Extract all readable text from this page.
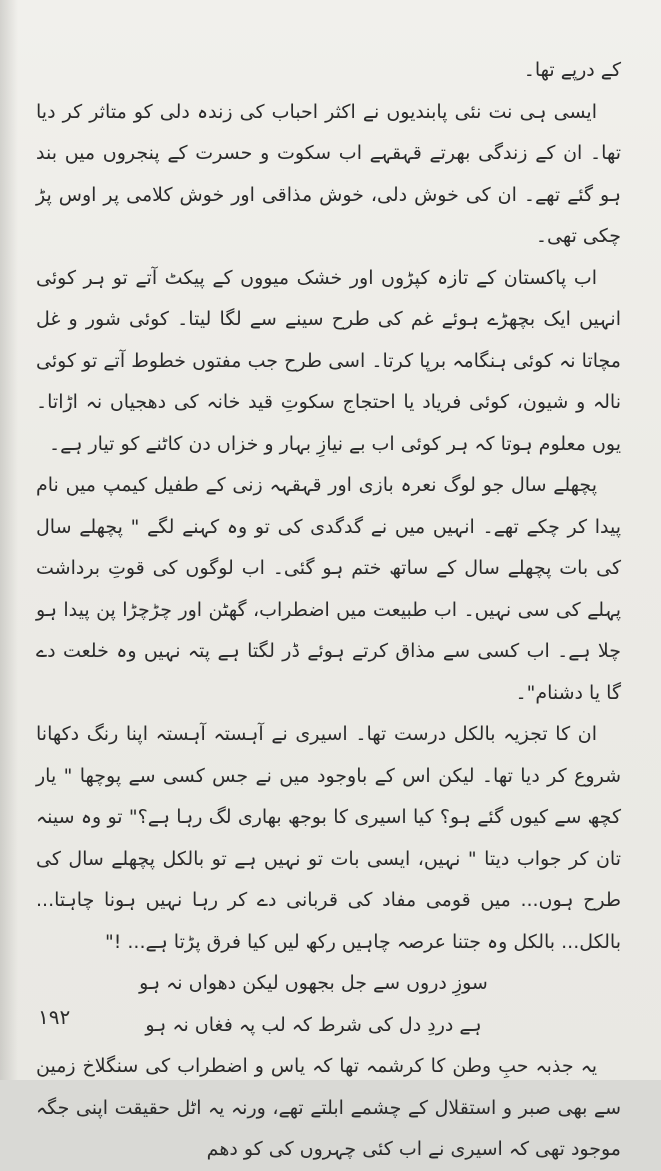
کے درپے تھا۔

ایسی ہی نت نئی پابندیوں نے اکثر احباب کی زندہ دلی کو متاثر کر دیا تھا۔ ان کے زندگی بھرتے قہقہے اب سکوت و حسرت کے پنجروں میں بند ہو گئے تھے۔ ان کی خوش دلی، خوش مذاقی اور خوش کلامی پر اوس پڑ چکی تھی۔

اب پاکستان کے تازہ کپڑوں اور خشک میووں کے پیکٹ آتے تو ہر کوئی انہیں ایک بچھڑے ہوئے غم کی طرح سینے سے لگا لیتا۔ کوئی شور و غل مچاتا نہ کوئی ہنگامہ برپا کرتا۔ اسی طرح جب مفتوں خطوط آتے تو کوئی نالہ و شیون، کوئی فریاد یا احتجاج سکوتِ قید خانہ کی دھجیاں نہ اڑاتا۔ یوں معلوم ہوتا کہ ہر کوئی اب بے نیازِ بہار و خزاں دن کاٹنے کو تیار ہے۔

پچھلے سال جو لوگ نعرہ بازی اور قہقہہ زنی کے طفیل کیمپ میں نام پیدا کر چکے تھے۔ انہیں میں نے گدگدی کی تو وہ کہنے لگے " پچھلے سال کی بات پچھلے سال کے ساتھ ختم ہو گئی۔ اب لوگوں کی قوتِ برداشت پہلے کی سی نہیں۔ اب طبیعت میں اضطراب، گھٹن اور چڑچڑا پن پیدا ہو چلا ہے۔ اب کسی سے مذاق کرتے ہوئے ڈر لگتا ہے پتہ نہیں وہ خلعت دے گا یا دشنام"۔

ان کا تجزیہ بالکل درست تھا۔ اسیری نے آہستہ آہستہ اپنا رنگ دکھانا شروع کر دیا تھا۔ لیکن اس کے باوجود میں نے جس کسی سے پوچھا " یار کچھ سے کیوں گئے ہو؟ کیا اسیری کا بوجھ بھاری لگ رہا ہے؟" تو وہ سینہ تان کر جواب دیتا " نہیں، ایسی بات تو نہیں ہے تو بالکل پچھلے سال کی طرح ہوں... میں قومی مفاد کی قربانی دے کر رہا نہیں ہونا چاہتا... بالکل... بالکل وہ جتنا عرصہ چاہیں رکھ لیں کیا فرق پڑتا ہے... !"

سوزِ دروں سے جل بجھوں لیکن دھواں نہ ہو

ہے دردِ دل کی شرط کہ لب پہ فغاں نہ ہو

یہ جذبہ حبِ وطن کا کرشمہ تھا کہ یاس و اضطراب کی سنگلاخ زمین سے بھی صبر و استقلال کے چشمے ابلتے تھے، ورنہ یہ اٹل حقیقت اپنی جگہ موجود تھی کہ اسیری نے اب کئی چہروں کی کو دھم

۱۹۲
